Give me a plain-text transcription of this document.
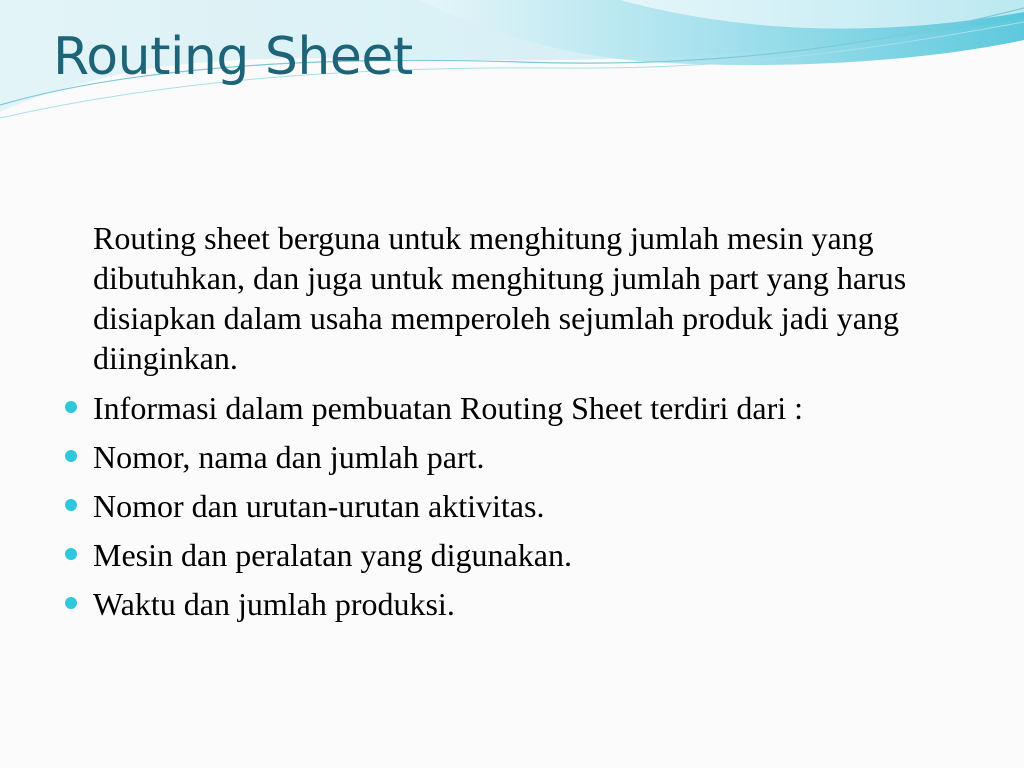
Routing Sheet

Routing sheet berguna untuk menghitung jumlah mesin yang dibutuhkan, dan juga untuk menghitung jumlah part yang harus disiapkan dalam usaha memperoleh sejumlah produk jadi yang diinginkan.

Informasi dalam pembuatan Routing Sheet terdiri dari :
Nomor, nama dan jumlah part.
Nomor dan urutan-urutan aktivitas.
Mesin dan peralatan yang digunakan.
Waktu dan jumlah produksi.
